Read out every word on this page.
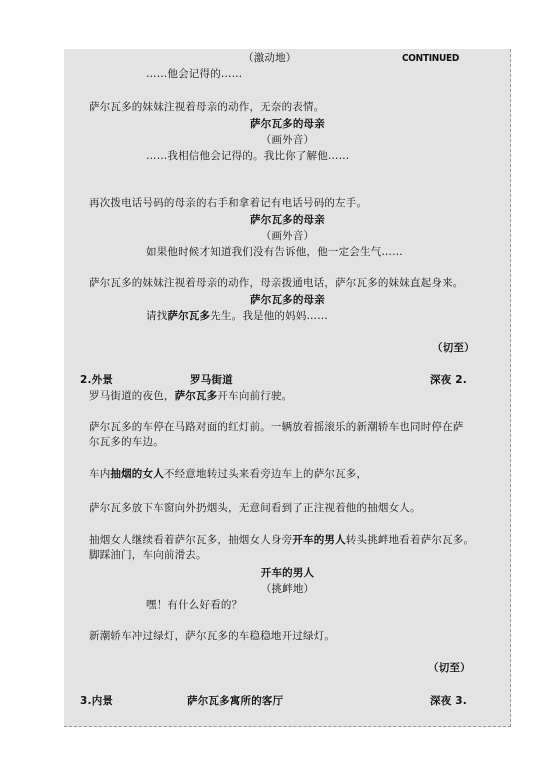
（激动地）	CONTINUED
……他会记得的……
萨尔瓦多的妹妹注视着母亲的动作，无奈的表情。
萨尔瓦多的母亲
（画外音）
……我相信他会记得的。我比你了解他……
再次拨电话号码的母亲的右手和拿着记有电话号码的左手。
萨尔瓦多的母亲
（画外音）
如果他时候才知道我们没有告诉他，他一定会生气……
萨尔瓦多的妹妹注视着母亲的动作，母亲拨通电话，萨尔瓦多的妹妹直起身来。
萨尔瓦多的母亲
请找萨尔瓦多先生。我是他的妈妈……
（切至）
2.外景	罗马街道	深夜 2.
罗马街道的夜色，萨尔瓦多开车向前行驶。
萨尔瓦多的车停在马路对面的红灯前。一辆放着摇滚乐的新潮轿车也同时停在萨
尔瓦多的车边。
车内抽烟的女人不经意地转过头来看旁边车上的萨尔瓦多，
萨尔瓦多放下车窗向外扔烟头，无意间看到了正注视着他的抽烟女人。
抽烟女人继续看着萨尔瓦多，抽烟女人身旁开车的男人转头挑衅地看着萨尔瓦多。
脚踩油门，车向前滑去。
开车的男人
（挑衅地）
嘿！有什么好看的？
新潮轿车冲过绿灯，萨尔瓦多的车稳稳地开过绿灯。
（切至）
3.内景	萨尔瓦多寓所的客厅	深夜 3.
